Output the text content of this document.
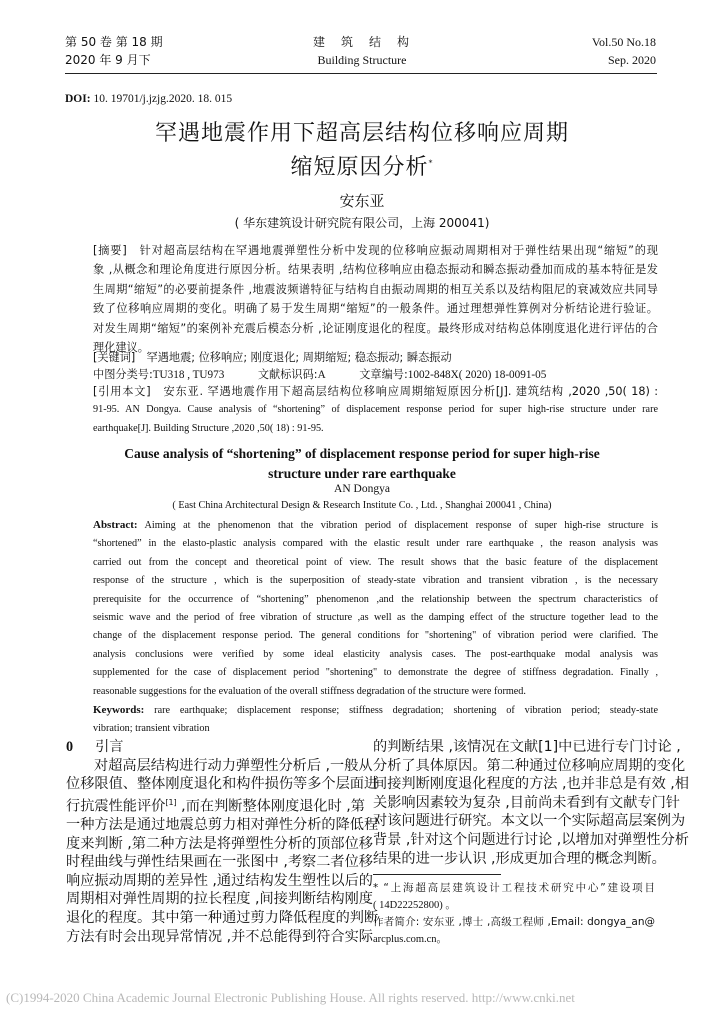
第 50 卷 第 18 期
2020 年 9 月下
建　筑　结　构
Building Structure
Vol.50 No.18
Sep. 2020
DOI: 10. 19701/j.jzjg.2020. 18. 015
罕遇地震作用下超高层结构位移响应周期
缩短原因分析*
安东亚
( 华东建筑设计研究院有限公司，上海 200041)
[摘要]　 针对超高层结构在罕遇地震弹塑性分析中发现的位移响应振动周期相对于弹性结果出现“缩短”的现
象 ,从概念和理论角度进行原因分析。结果表明 ,结构位移响应由稳态振动和瞬态振动叠加而成的基本特征是发
生周期“缩短”的必要前提条件 ,地震波频谱特征与结构自由振动周期的相互关系以及结构阻尼的衰减效应共同导
致了位移响应周期的变化。明确了易于发生周期“缩短”的一般条件。通过理想弹性算例对分析结论进行验证。
对发生周期“缩短”的案例补充震后模态分析 ,论证刚度退化的程度。最终形成对结构总体刚度退化进行评估的合
理化建议。
[关键词]　 罕遇地震; 位移响应; 刚度退化; 周期缩短; 稳态振动; 瞬态振动
中图分类号:TU318 , TU973	文献标识码:A	文章编号:1002-848X( 2020) 18-0091-05
[引用本文]　 安东亚. 罕遇地震作用下超高层结构位移响应周期缩短原因分析[J]. 建筑结构 ,2020 ,50( 18) :
91-95. AN Dongya. Cause analysis of “shortening” of displacement response period for super high-rise structure under rare
earthquake[J]. Building Structure ,2020 ,50( 18) : 91-95.
Cause analysis of “shortening” of displacement response period for super high-rise
structure under rare earthquake
AN Dongya
( East China Architectural Design & Research Institute Co. , Ltd. , Shanghai 200041 , China)
Abstract: Aiming at the phenomenon that the vibration period of displacement response of super high-rise structure is
“shortened” in the elasto-plastic analysis compared with the elastic result under rare earthquake , the reason analysis was
carried out from the concept and theoretical point of view. The result shows that the basic feature of the displacement
response of the structure , which is the superposition of steady-state vibration and transient vibration , is the necessary
prerequisite for the occurrence of “shortening” phenomenon ,and the relationship between the spectrum characteristics of
seismic wave and the period of free vibration of structure ,as well as the damping effect of the structure together lead to the
change of the displacement response period. The general conditions for "shortening" of vibration period were clarified. The
analysis conclusions were verified by some ideal elasticity analysis cases. The post-earthquake modal analysis was
supplemented for the case of displacement period "shortening" to demonstrate the degree of stiffness degradation. Finally ,
reasonable suggestions for the evaluation of the overall stiffness degradation of the structure were formed.
Keywords: rare earthquake; displacement response; stiffness degradation; shortening of vibration period; steady-state
vibration; transient vibration
0 引言
对超高层结构进行动力弹塑性分析后 ,一般从
位移限值、整体刚度退化和构件损伤等多个层面进
行抗震性能评价[1] ,而在判断整体刚度退化时 ,第
一种方法是通过地震总剪力相对弹性分析的降低程
度来判断 ,第二种方法是将弹塑性分析的顶部位移
时程曲线与弹性结果画在一张图中 ,考察二者位移
响应振动周期的差异性 ,通过结构发生塑性以后的
周期相对弹性周期的拉长程度 ,间接判断结构刚度
退化的程度。其中第一种通过剪力降低程度的判断
方法有时会出现异常情况 ,并不总能得到符合实际
的判断结果 ,该情况在文献[1]中已进行专门讨论 ,
分析了具体原因。第二种通过位移响应周期的变化
间接判断刚度退化程度的方法 ,也并非总是有效 ,相
关影响因素较为复杂 ,目前尚未看到有文献专门针
对该问题进行研究。本文以一个实际超高层案例为
背景 ,针对这个问题进行讨论 ,以增加对弹塑性分析
结果的进一步认识 ,形成更加合理的概念判断。
* “上海超高层建筑设计工程技术研究中心”建设项目
( 14D22252800) 。
作者简介: 安东亚 ,博士 ,高级工程师 ,Email: dongya_an@
arcplus.com.cn。
(C)1994-2020 China Academic Journal Electronic Publishing House. All rights reserved. http://www.cnki.net
